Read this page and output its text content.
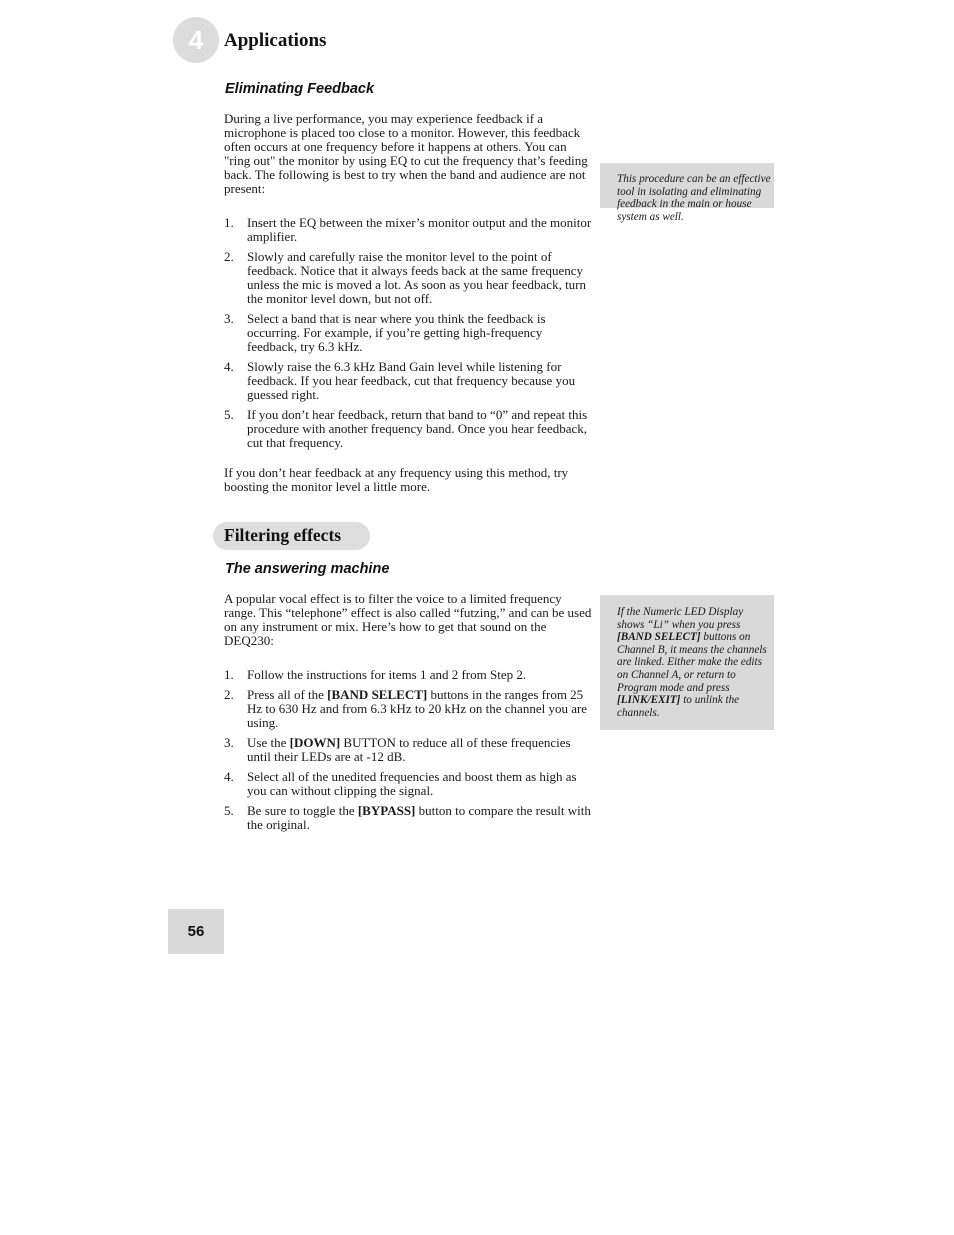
4	Applications
Eliminating Feedback

During a live performance, you may experience feedback if a microphone is placed too close to a monitor. However, this feedback often occurs at one frequency before it happens at others. You can "ring out" the monitor by using EQ to cut the frequency that’s feeding back. The following is best to try when the band and audience are not present:

1. Insert the EQ between the mixer’s monitor output and the monitor amplifier.
2. Slowly and carefully raise the monitor level to the point of feedback. Notice that it always feeds back at the same frequency unless the mic is moved a lot. As soon as you hear feedback, turn the monitor level down, but not off.
3. Select a band that is near where you think the feedback is occurring. For example, if you’re getting high-frequency feedback, try 6.3 kHz.
4. Slowly raise the 6.3 kHz Band Gain level while listening for feedback. If you hear feedback, cut that frequency because you guessed right.
5. If you don’t hear feedback, return that band to “0” and repeat this procedure with another frequency band. Once you hear feedback, cut that frequency.

If you don’t hear feedback at any frequency using this method, try boosting the monitor level a little more.

This procedure can be an effective tool in isolating and eliminating feedback in the main or house system as well.
Filtering effects
The answering machine

A popular vocal effect is to filter the voice to a limited frequency range. This “telephone” effect is also called “futzing,” and can be used on any instrument or mix. Here’s how to get that sound on the DEQ230:

1. Follow the instructions for items 1 and 2 from Step 2.
2. Press all of the [BAND SELECT] buttons in the ranges from 25 Hz to 630 Hz and from 6.3 kHz to 20 kHz on the channel you are using.
3. Use the [DOWN] BUTTON to reduce all of these frequencies until their LEDs are at -12 dB.
4. Select all of the unedited frequencies and boost them as high as you can without clipping the signal.
5. Be sure to toggle the [BYPASS] button to compare the result with the original.
If the Numeric LED Display shows “Li” when you press [BAND SELECT] buttons on Channel B, it means the channels are linked. Either make the edits on Channel A, or return to Program mode and press [LINK/EXIT] to unlink the channels.
56
